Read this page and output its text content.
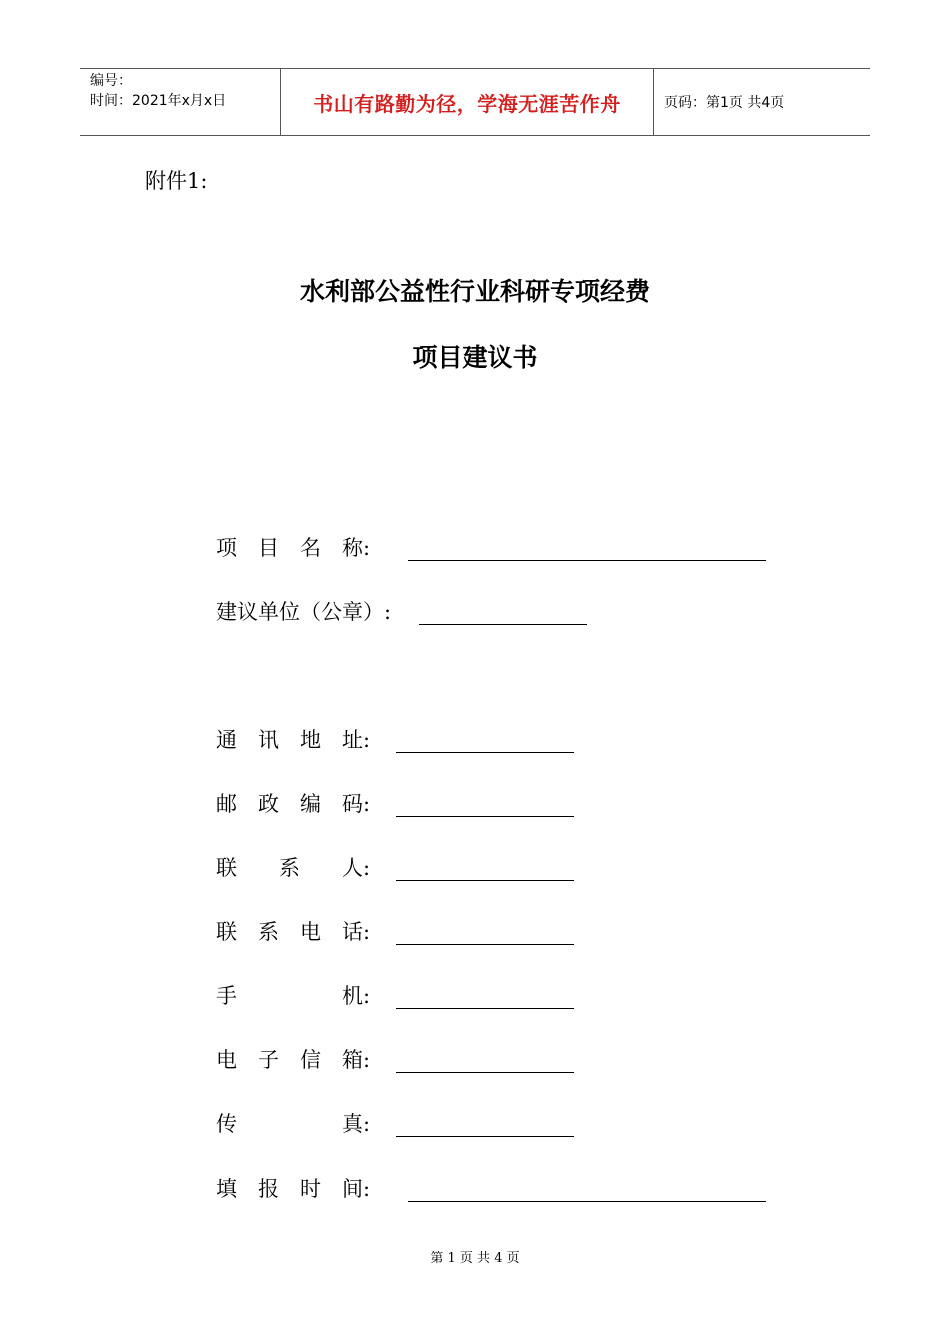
编号：
时间：2021年x月x日	书山有路勤为径，学海无涯苦作舟	页码：第1页 共4页
附件1:
水利部公益性行业科研专项经费
项目建议书
项　目　名　称:
建议单位（公章）:
通　讯　地　址:
邮　政　编　码:
联　　系　　人:
联　系　电　话:
手　　　　　机:
电　子　信　箱:
传　　　　　真:
填　报　时　间:
第 1 页 共 4 页
